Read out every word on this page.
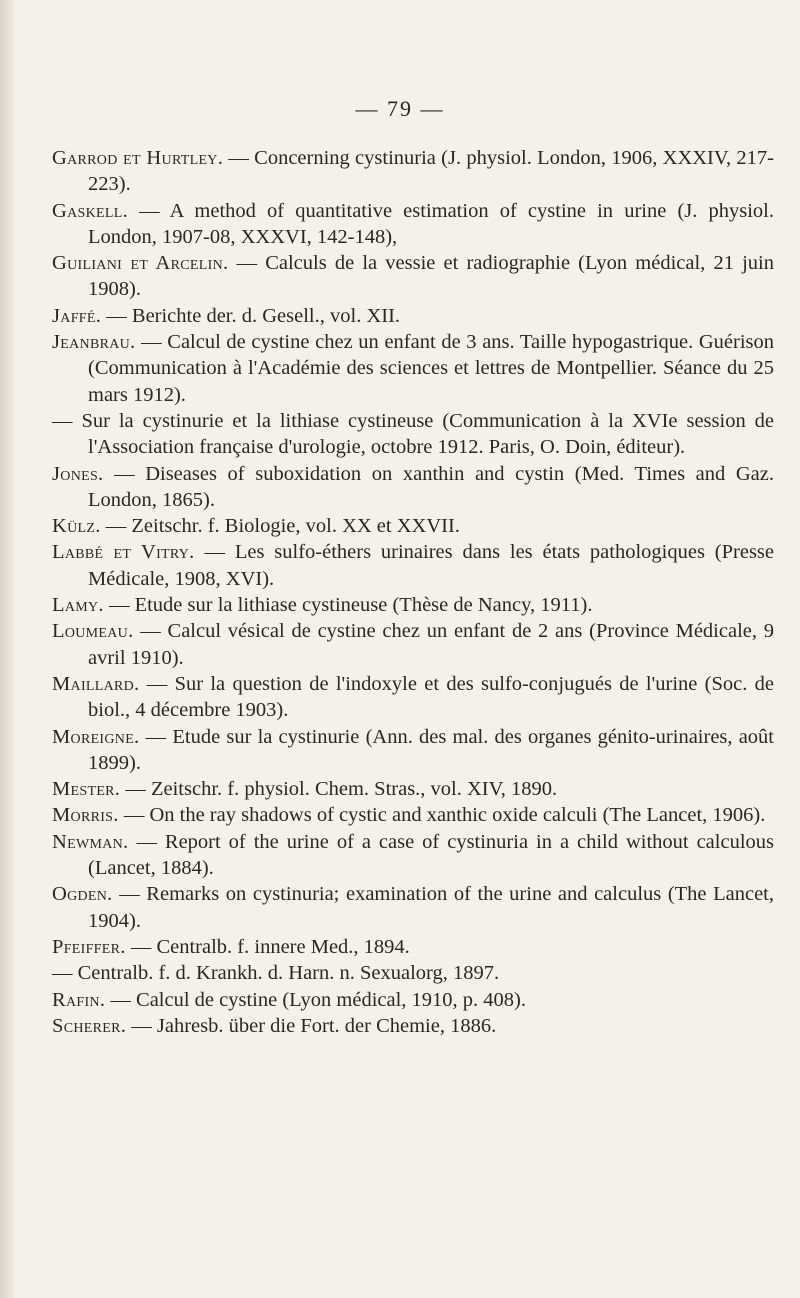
— 79 —
Garrod et Hurtley. — Concerning cystinuria (J. physiol. London, 1906, XXXIV, 217-223).
Gaskell. — A method of quantitative estimation of cystine in urine (J. physiol. London, 1907-08, XXXVI, 142-148),
Guiliani et Arcelin. — Calculs de la vessie et radiographie (Lyon médical, 21 juin 1908).
Jaffé. — Berichte der. d. Gesell., vol. XII.
Jeanbrau. — Calcul de cystine chez un enfant de 3 ans. Taille hypogastrique. Guérison (Communication à l'Académie des sciences et lettres de Montpellier. Séance du 25 mars 1912).
— Sur la cystinurie et la lithiase cystineuse (Communication à la XVIe session de l'Association française d'urologie, octobre 1912. Paris, O. Doin, éditeur).
Jones. — Diseases of suboxidation on xanthin and cystin (Med. Times and Gaz. London, 1865).
Külz. — Zeitschr. f. Biologie, vol. XX et XXVII.
Labbé et Vitry. — Les sulfo-éthers urinaires dans les états pathologiques (Presse Médicale, 1908, XVI).
Lamy. — Etude sur la lithiase cystineuse (Thèse de Nancy, 1911).
Loumeau. — Calcul vésical de cystine chez un enfant de 2 ans (Province Médicale, 9 avril 1910).
Maillard. — Sur la question de l'indoxyle et des sulfo-conjugués de l'urine (Soc. de biol., 4 décembre 1903).
Moreigne. — Etude sur la cystinurie (Ann. des mal. des organes génito-urinaires, août 1899).
Mester. — Zeitschr. f. physiol. Chem. Stras., vol. XIV, 1890.
Morris. — On the ray shadows of cystic and xanthic oxide calculi (The Lancet, 1906).
Newman. — Report of the urine of a case of cystinuria in a child without calculous (Lancet, 1884).
Ogden. — Remarks on cystinuria; examination of the urine and calculus (The Lancet, 1904).
Pfeiffer. — Centralb. f. innere Med., 1894.
— Centralb. f. d. Krankh. d. Harn. n. Sexualorg, 1897.
Rafin. — Calcul de cystine (Lyon médical, 1910, p. 408).
Scherer. — Jahresb. über die Fort. der Chemie, 1886.
